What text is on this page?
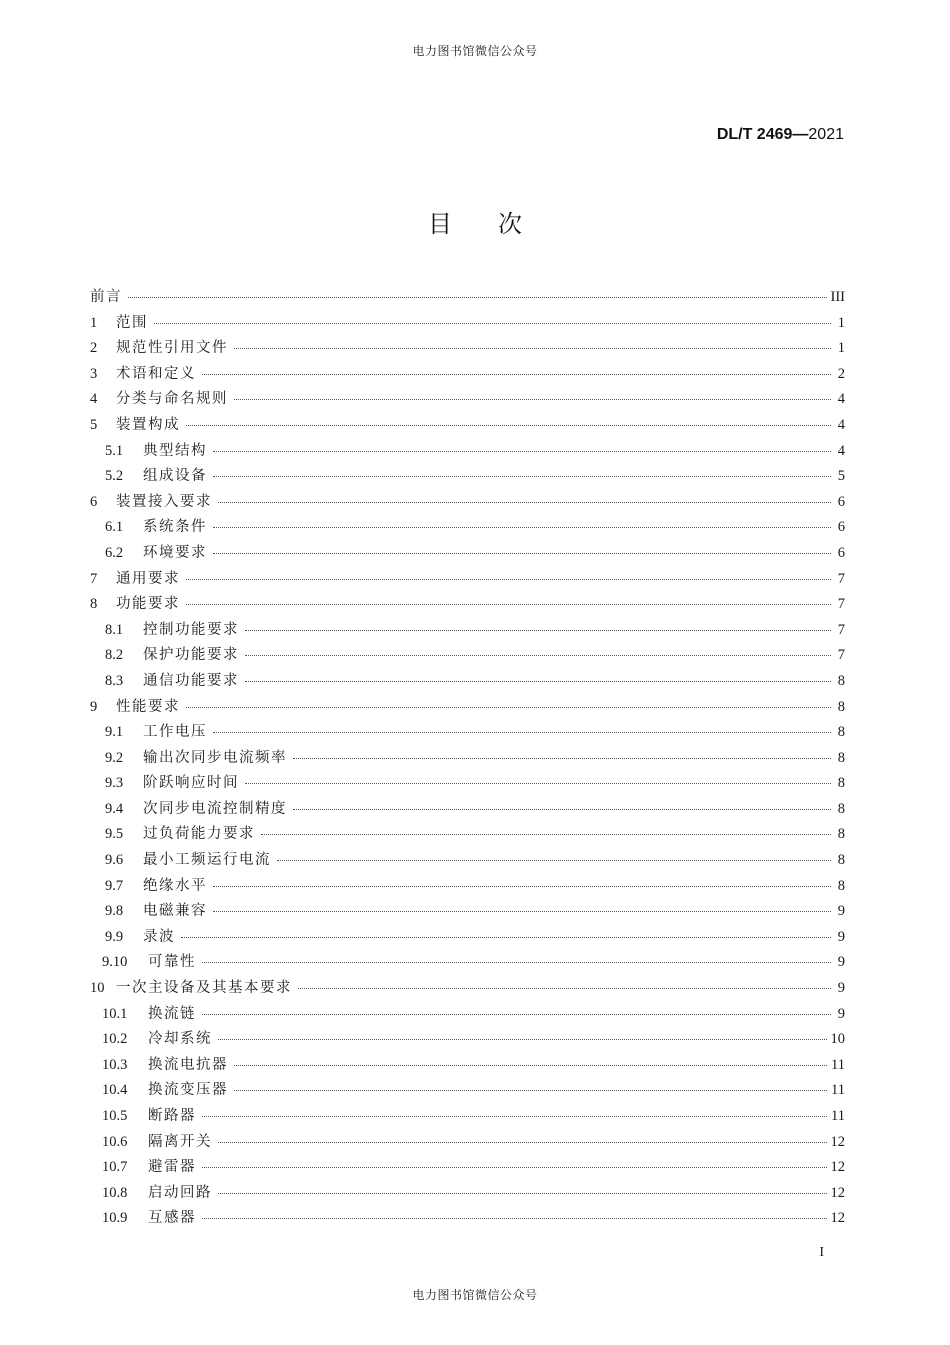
电力图书馆微信公众号
DL/T 2469—2021
目次
前言	III
1	范围	1
2	规范性引用文件	1
3	术语和定义	2
4	分类与命名规则	4
5	装置构成	4
5.1	典型结构	4
5.2	组成设备	5
6	装置接入要求	6
6.1	系统条件	6
6.2	环境要求	6
7	通用要求	7
8	功能要求	7
8.1	控制功能要求	7
8.2	保护功能要求	7
8.3	通信功能要求	8
9	性能要求	8
9.1	工作电压	8
9.2	输出次同步电流频率	8
9.3	阶跃响应时间	8
9.4	次同步电流控制精度	8
9.5	过负荷能力要求	8
9.6	最小工频运行电流	8
9.7	绝缘水平	8
9.8	电磁兼容	9
9.9	录波	9
9.10	可靠性	9
10 一次主设备及其基本要求	9
10.1	换流链	9
10.2	冷却系统	10
10.3	换流电抗器	11
10.4	换流变压器	11
10.5	断路器	11
10.6	隔离开关	12
10.7	避雷器	12
10.8	启动回路	12
10.9	互感器	12
I
电力图书馆微信公众号
